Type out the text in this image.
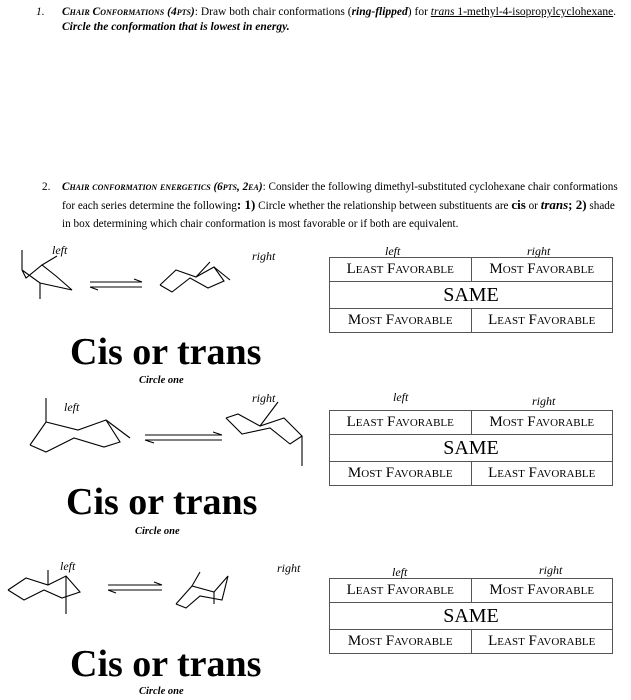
1. Chair Conformations (4pts): Draw both chair conformations (ring-flipped) for trans 1-methyl-4-isopropylcyclohexane. Circle the conformation that is lowest in energy.
2. Chair conformation energetics (6pts, 2ea): Consider the following dimethyl-substituted cyclohexane chair conformations for each series determine the following: 1) Circle whether the relationship between substituents are cis or trans; 2) shade in box determining which chair conformation is most favorable or if both are equivalent.
left	right
Cis or trans
Circle one
left	right
Least Favorable	Most Favorable
SAME	
Most Favorable	Least Favorable
left
right
Cis or trans
Circle one
left	right
Least Favorable	Most Favorable
SAME	
Most Favorable	Least Favorable
left	right
Cis or trans
Circle one
left	right
Least Favorable	Most Favorable
SAME	
Most Favorable	Least Favorable
